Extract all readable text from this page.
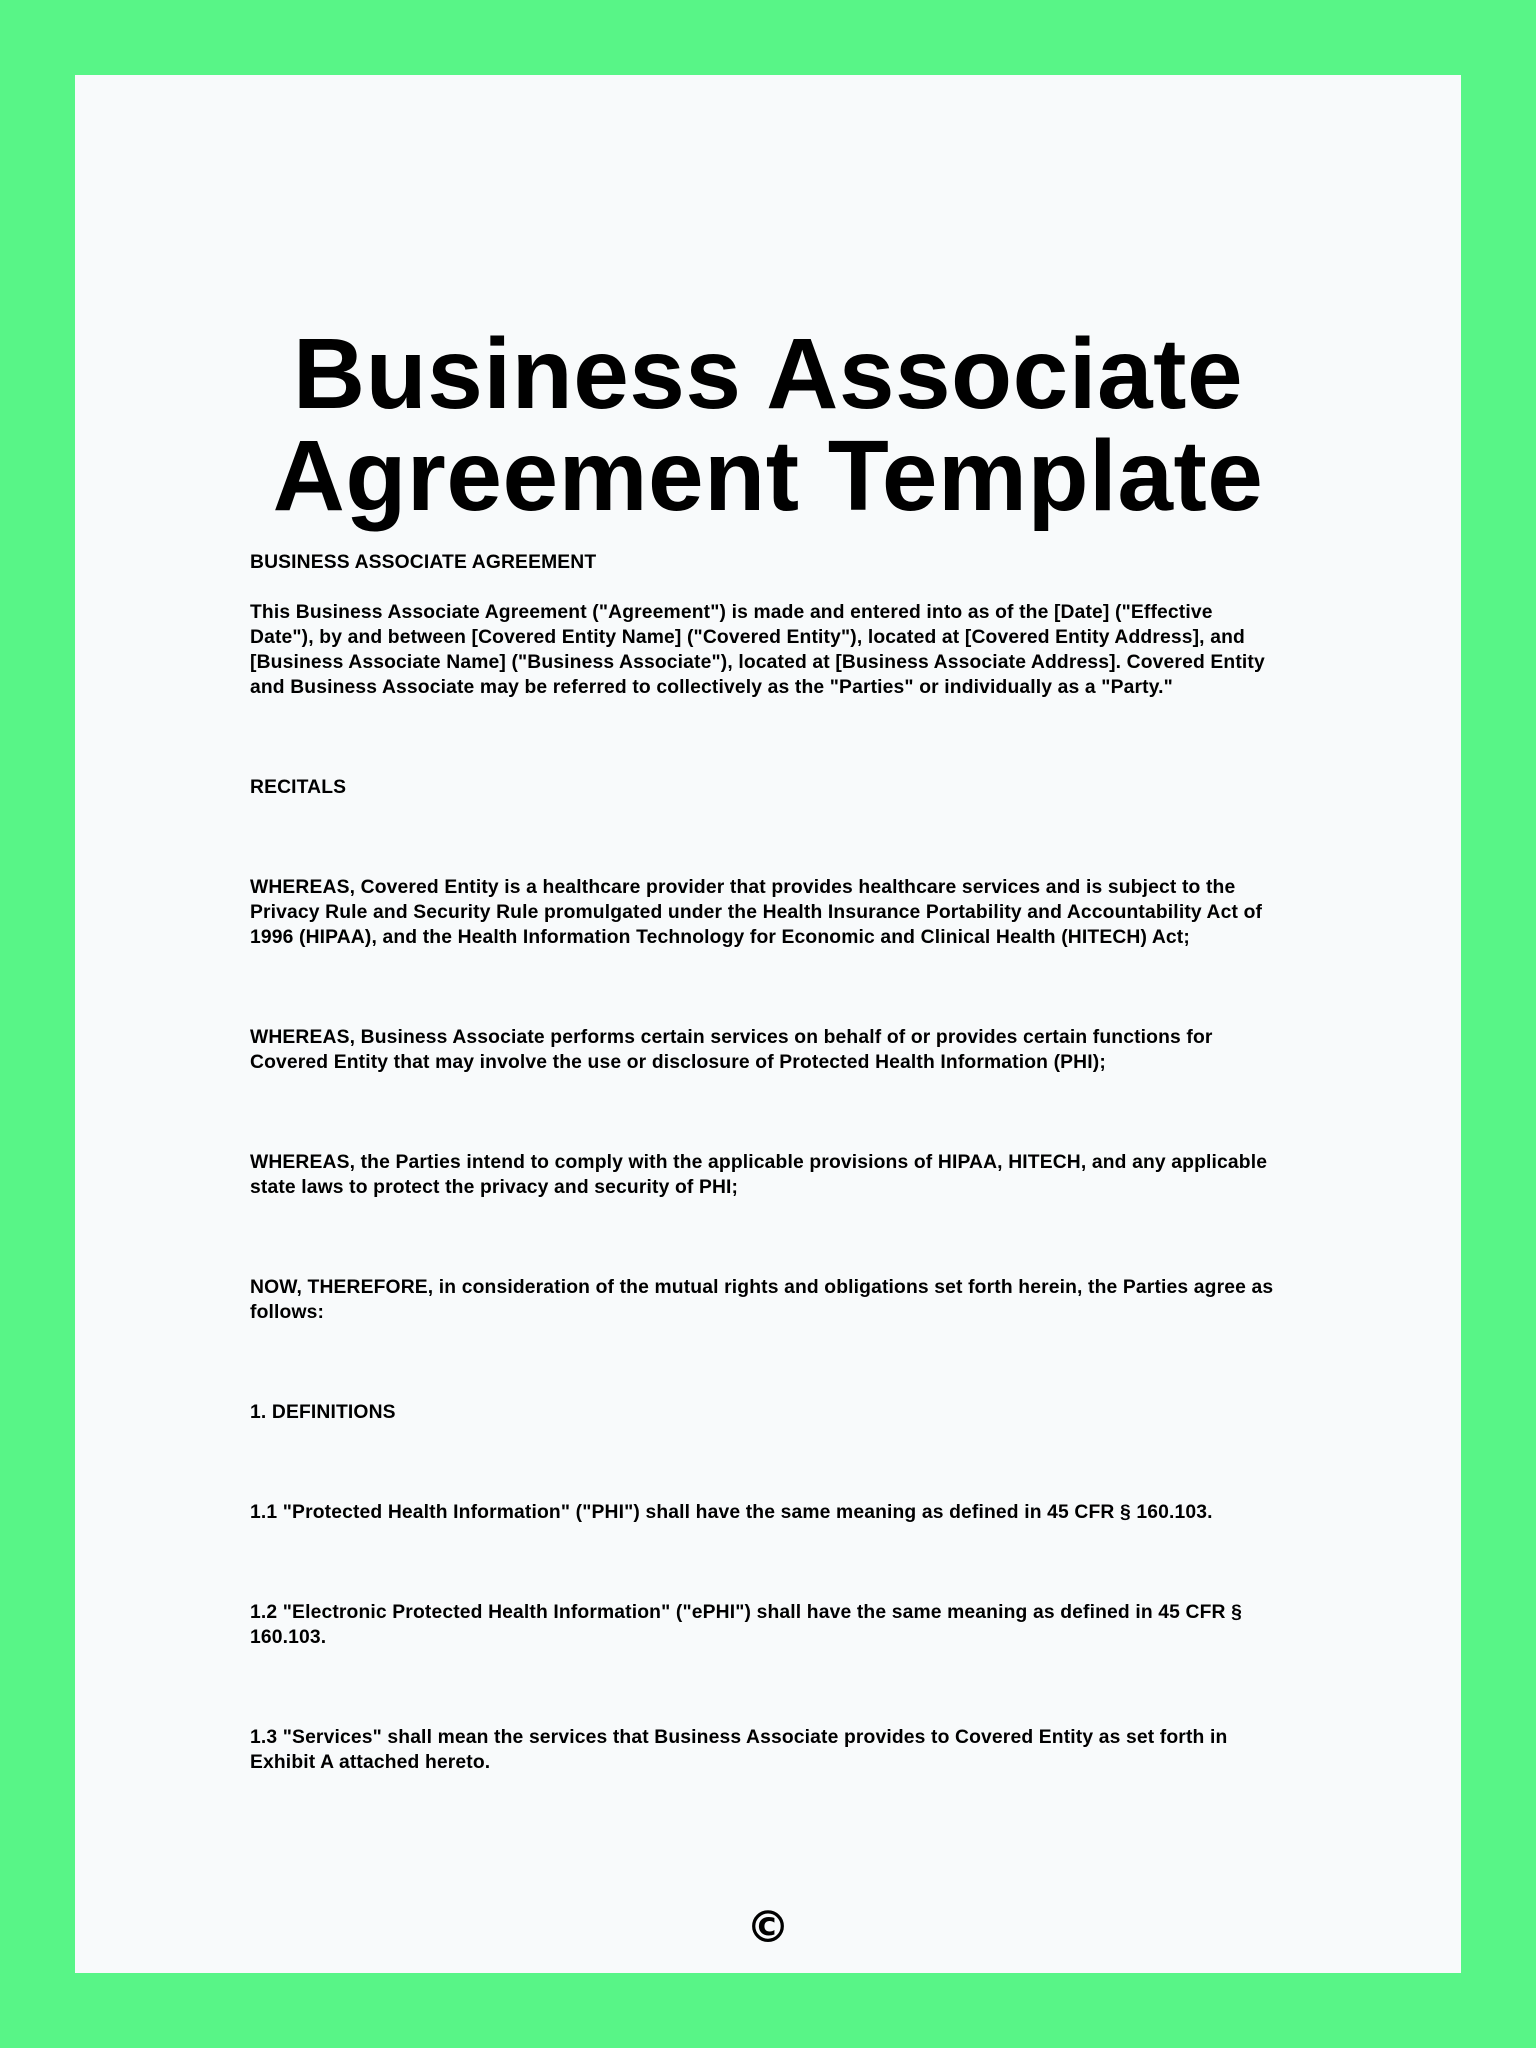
Business Associate
Agreement Template

BUSINESS ASSOCIATE AGREEMENT

This Business Associate Agreement ("Agreement") is made and entered into as of the [Date] ("Effective Date"), by and between [Covered Entity Name] ("Covered Entity"), located at [Covered Entity Address], and [Business Associate Name] ("Business Associate"), located at [Business Associate Address]. Covered Entity and Business Associate may be referred to collectively as the "Parties" or individually as a "Party."

RECITALS

WHEREAS, Covered Entity is a healthcare provider that provides healthcare services and is subject to the Privacy Rule and Security Rule promulgated under the Health Insurance Portability and Accountability Act of 1996 (HIPAA), and the Health Information Technology for Economic and Clinical Health (HITECH) Act;

WHEREAS, Business Associate performs certain services on behalf of or provides certain functions for Covered Entity that may involve the use or disclosure of Protected Health Information (PHI);

WHEREAS, the Parties intend to comply with the applicable provisions of HIPAA, HITECH, and any applicable state laws to protect the privacy and security of PHI;

NOW, THEREFORE, in consideration of the mutual rights and obligations set forth herein, the Parties agree as follows:

1. DEFINITIONS

1.1 "Protected Health Information" ("PHI") shall have the same meaning as defined in 45 CFR § 160.103.

1.2 "Electronic Protected Health Information" ("ePHI") shall have the same meaning as defined in 45 CFR § 160.103.

1.3 "Services" shall mean the services that Business Associate provides to Covered Entity as set forth in Exhibit A attached hereto.

©
